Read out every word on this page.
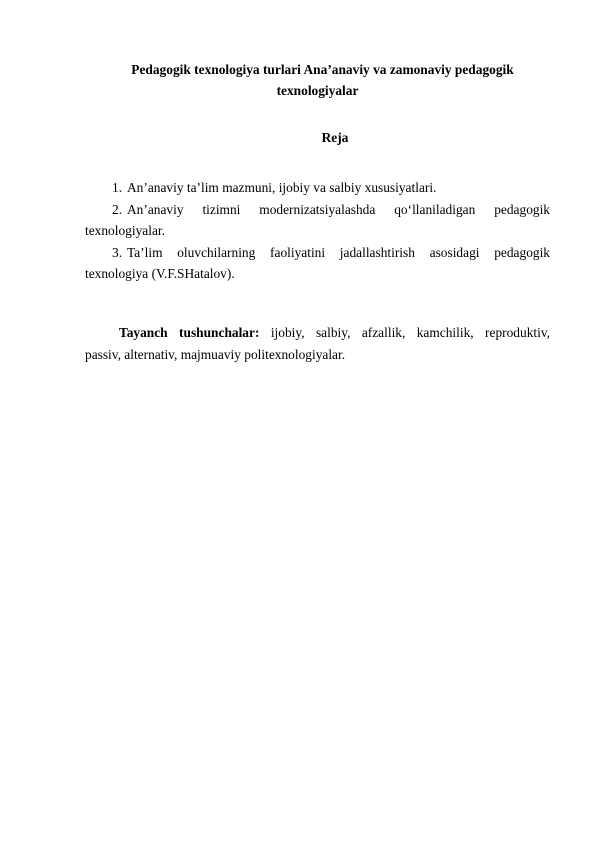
Pedagogik texnologiya turlari Ana’anaviy va zamonaviy pedagogik
texnologiyalar
Reja
1. An’anaviy ta’lim mazmuni, ijobiy va salbiy xususiyatlari.
2. An’anaviy tizimni modernizatsiyalashda qo‘llaniladigan pedagogik
texnologiyalar.
3. Ta’lim oluvchilarning faoliyatini jadallashtirish asosidagi pedagogik
texnologiya (V.F.SHatalov).
Tayanch tushunchalar: ijobiy, salbiy, afzallik, kamchilik, reproduktiv,
passiv, alternativ, majmuaviy politexnologiyalar.
